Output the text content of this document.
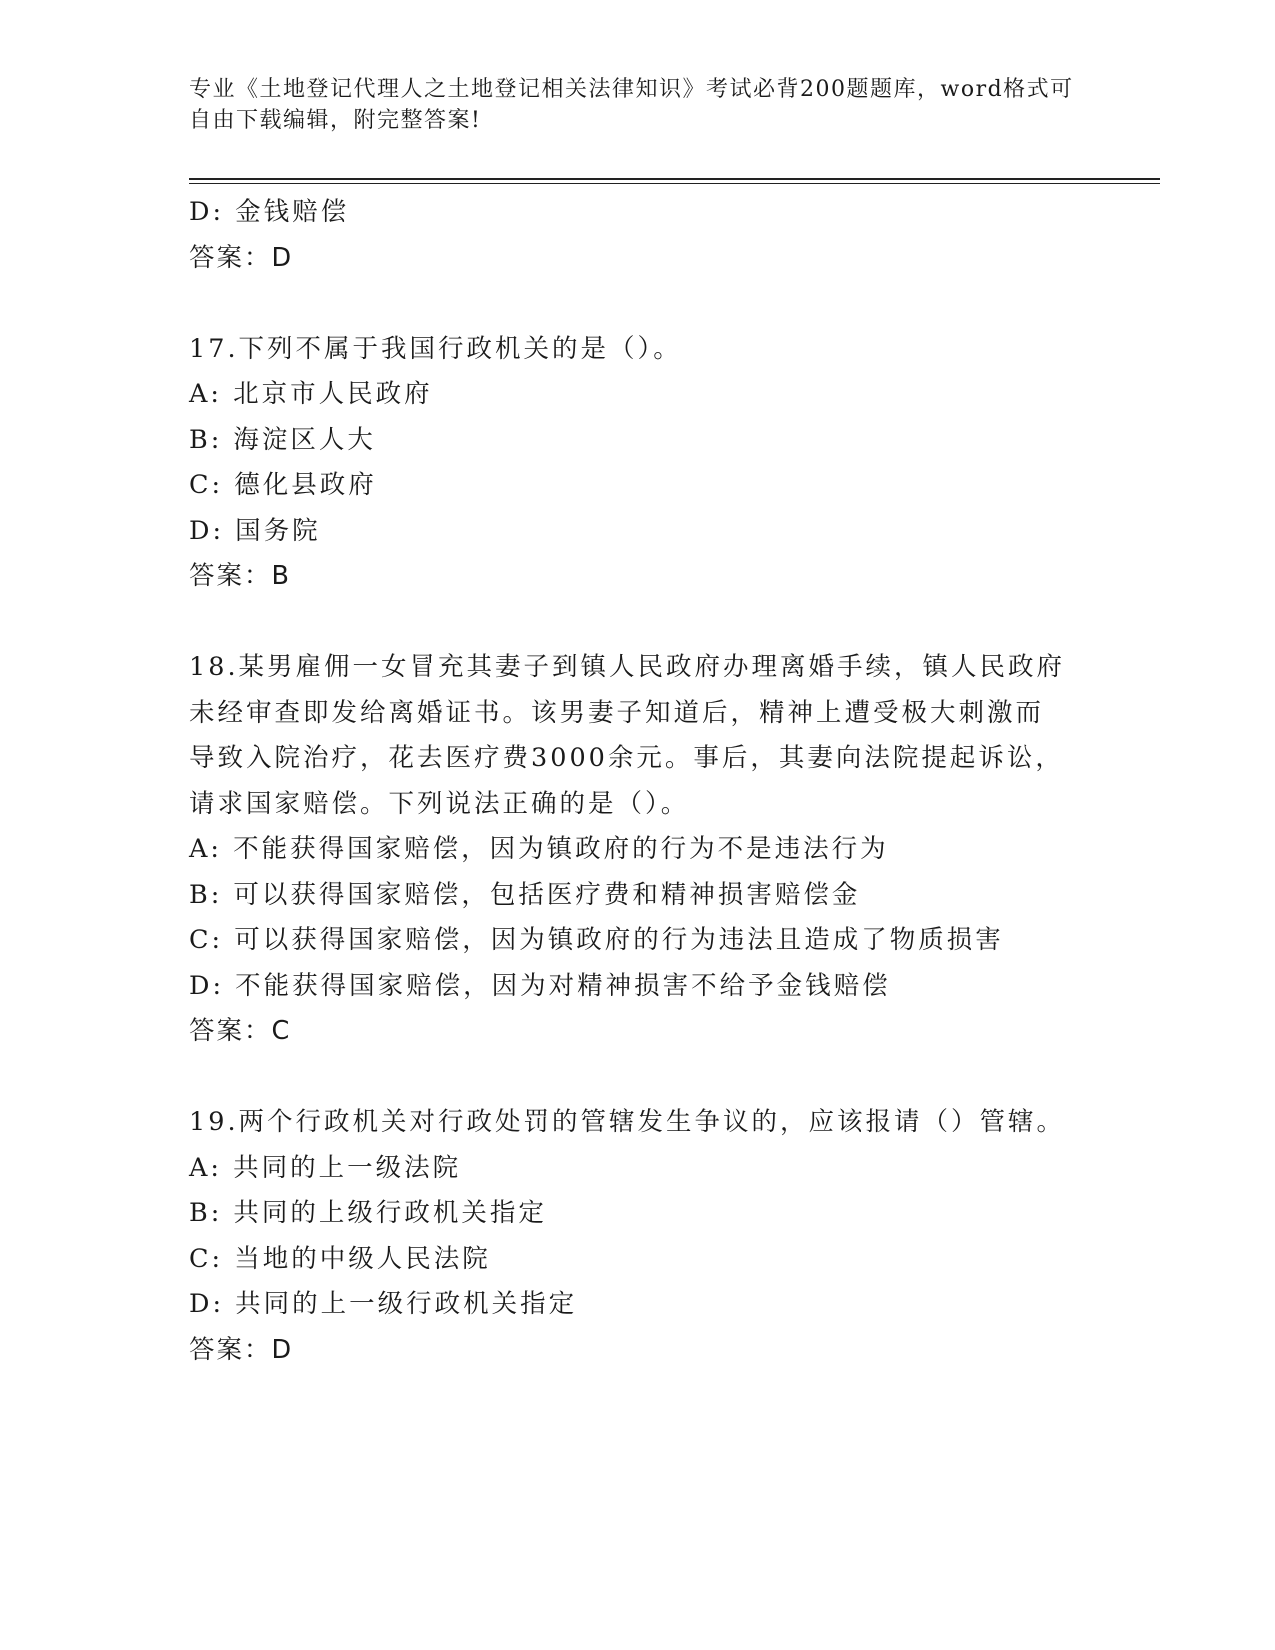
专业《土地登记代理人之土地登记相关法律知识》考试必背200题题库，word格式可自由下载编辑，附完整答案!
D: 金钱赔偿
答案：D
17.下列不属于我国行政机关的是（）。
A: 北京市人民政府
B: 海淀区人大
C: 德化县政府
D: 国务院
答案：B
18.某男雇佣一女冒充其妻子到镇人民政府办理离婚手续，镇人民政府
未经审查即发给离婚证书。该男妻子知道后，精神上遭受极大刺激而
导致入院治疗，花去医疗费3000余元。事后，其妻向法院提起诉讼，
请求国家赔偿。下列说法正确的是（）。
A: 不能获得国家赔偿，因为镇政府的行为不是违法行为
B: 可以获得国家赔偿，包括医疗费和精神损害赔偿金
C: 可以获得国家赔偿，因为镇政府的行为违法且造成了物质损害
D: 不能获得国家赔偿，因为对精神损害不给予金钱赔偿
答案：C
19.两个行政机关对行政处罚的管辖发生争议的，应该报请（）管辖。
A: 共同的上一级法院
B: 共同的上级行政机关指定
C: 当地的中级人民法院
D: 共同的上一级行政机关指定
答案：D
